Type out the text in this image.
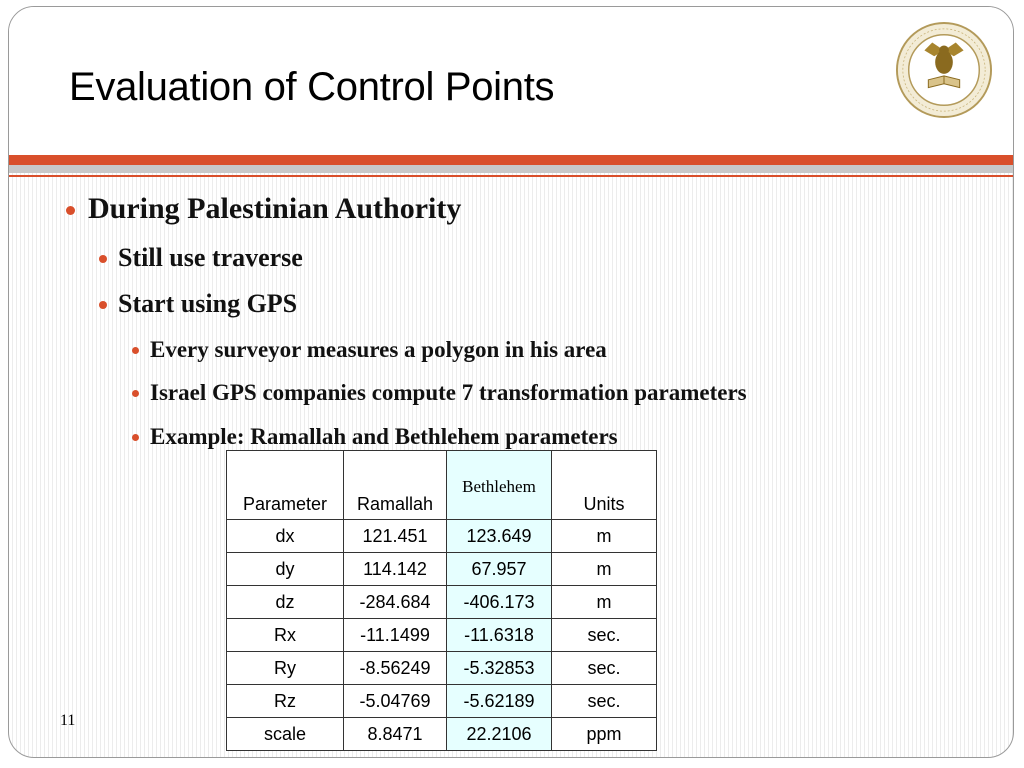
Evaluation of Control Points
During Palestinian Authority
Still use traverse
Start using GPS
Every surveyor measures a polygon in his area
Israel GPS companies compute 7 transformation parameters
Example: Ramallah and Bethlehem parameters
Parameter	Ramallah	Bethlehem	Units
dx	121.451	123.649	m
dy	114.142	67.957	m
dz	-284.684	-406.173	m
Rx	-11.1499	-11.6318	sec.
Ry	-8.56249	-5.32853	sec.
Rz	-5.04769	-5.62189	sec.
scale	8.8471	22.2106	ppm
11
